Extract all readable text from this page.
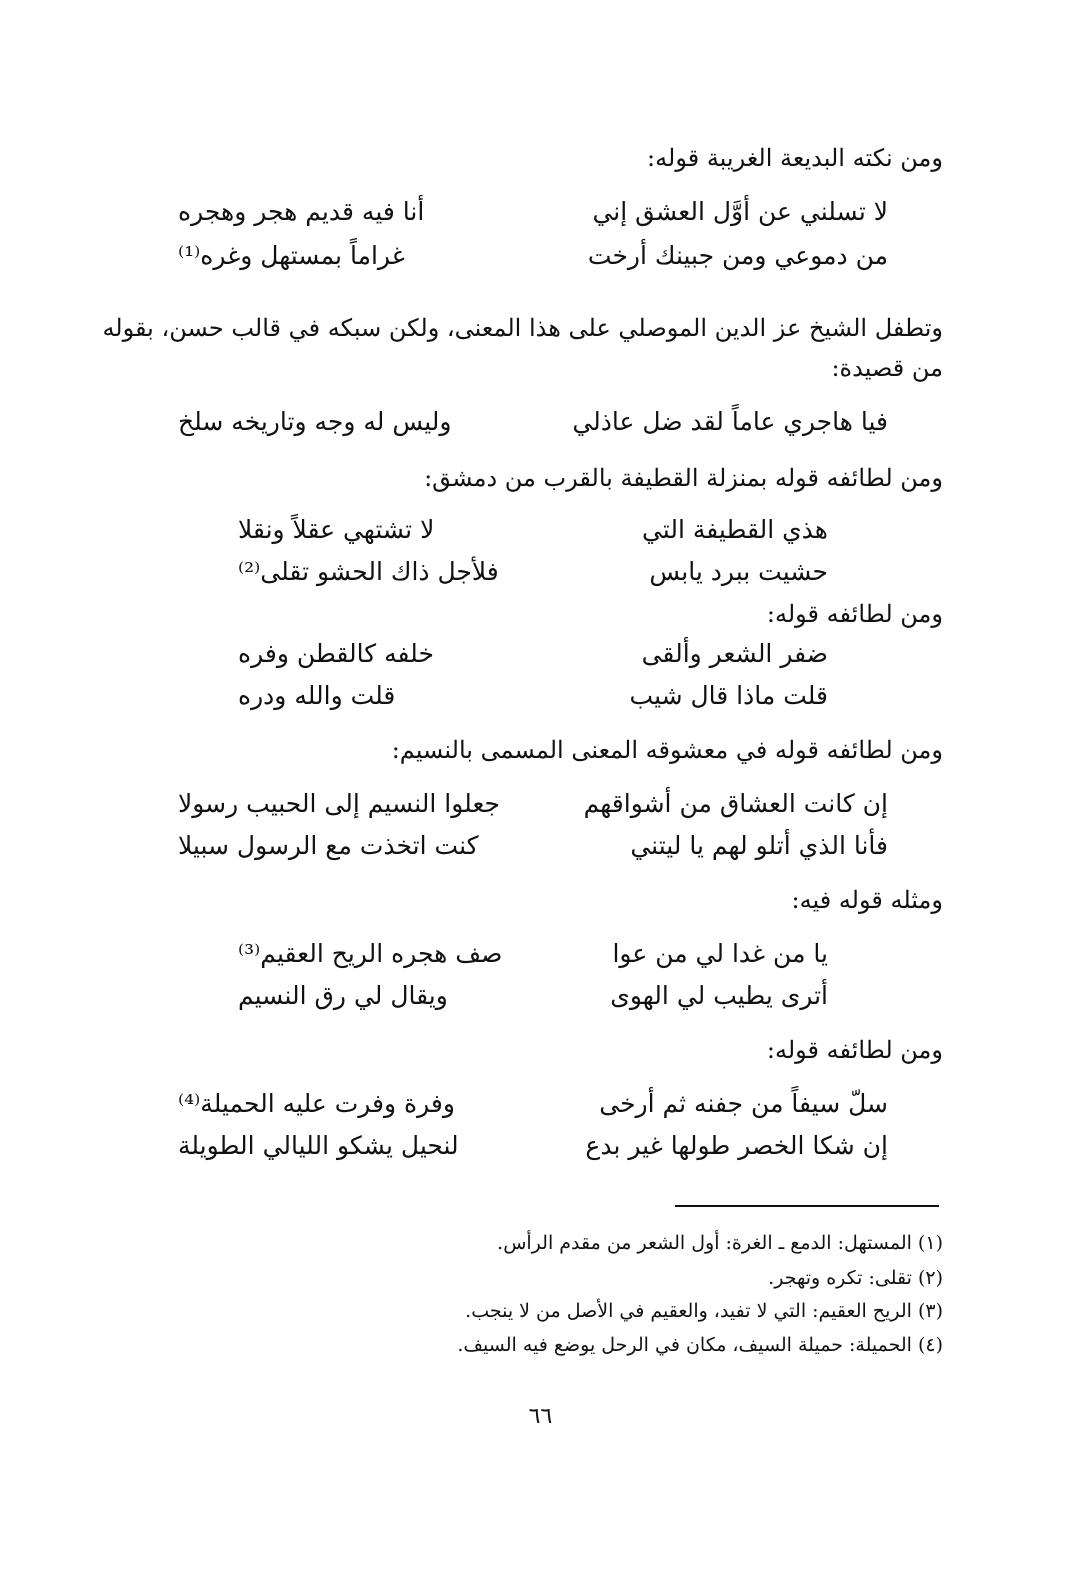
ومن نكته البديعة الغريبة قوله:
لا تسلني عن أوَّل العشق إني
أنا فيه قديم هجر وهجره
من دموعي ومن جبينك أرخت
غراماً بمستهل وغره⁽¹⁾
وتطفل الشيخ عز الدين الموصلي على هذا المعنى، ولكن سبكه في قالب حسن، بقوله
من قصيدة:
فيا هاجري عاماً لقد ضل عاذلي
وليس له وجه وتاريخه سلخ
ومن لطائفه قوله بمنزلة القطيفة بالقرب من دمشق:
هذي القطيفة التي
لا تشتهي عقلاً ونقلا
حشيت ببرد يابس
فلأجل ذاك الحشو تقلى⁽²⁾
ومن لطائفه قوله:
ضفر الشعر وألقى
خلفه كالقطن وفره
قلت ماذا قال شيب
قلت والله ودره
ومن لطائفه قوله في معشوقه المعنى المسمى بالنسيم:
إن كانت العشاق من أشواقهم
جعلوا النسيم إلى الحبيب رسولا
فأنا الذي أتلو لهم يا ليتني
كنت اتخذت مع الرسول سبيلا
ومثله قوله فيه:
يا من غدا لي من عوا
صف هجره الريح العقيم⁽³⁾
أترى يطيب لي الهوى
ويقال لي رق النسيم
ومن لطائفه قوله:
سلّ سيفاً من جفنه ثم أرخى
وفرة وفرت عليه الحميلة⁽⁴⁾
إن شكا الخصر طولها غير بدع
لنحيل يشكو الليالي الطويلة
(١) المستهل: الدمع ـ الغرة: أول الشعر من مقدم الرأس.
(٢) تقلى: تكره وتهجر.
(٣) الريح العقيم: التي لا تفيد، والعقيم في الأصل من لا ينجب.
(٤) الحميلة: حميلة السيف، مكان في الرحل يوضع فيه السيف.
٦٦
